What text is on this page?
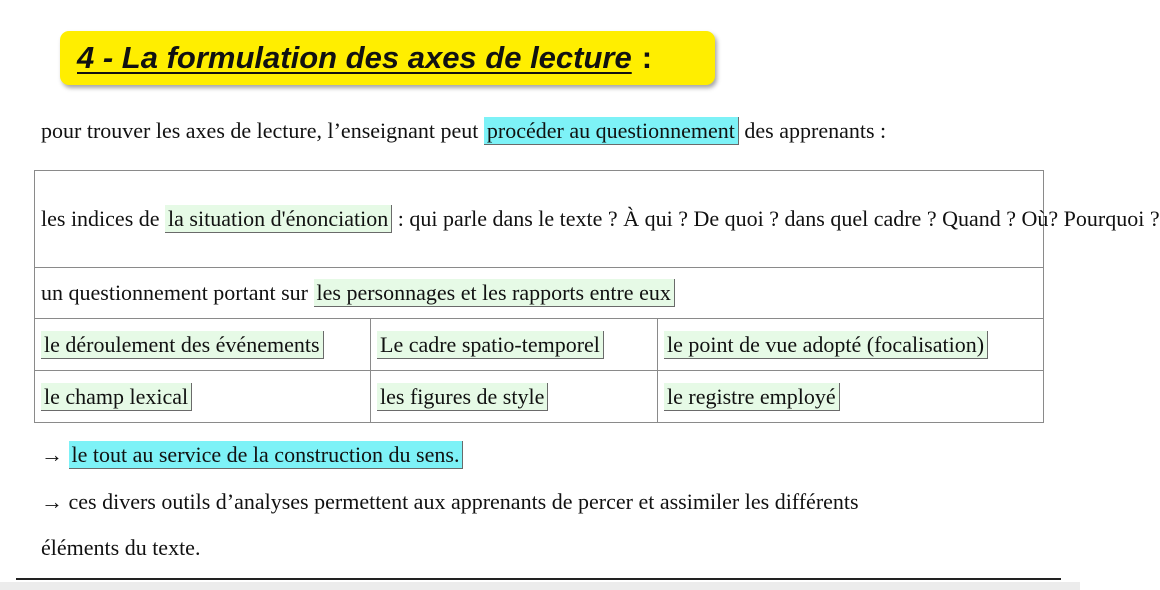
4 - La formulation des axes de lecture :
pour trouver les axes de lecture, l’enseignant peut procéder au questionnement des apprenants :
les indices de la situation d'énonciation : qui parle dans le texte ? À qui ? De quoi ? dans quel cadre ? Quand ? Où? Pourquoi ?		
un questionnement portant sur les personnages et les rapports entre eux		
le déroulement des événements	Le cadre spatio-temporel	le point de vue adopté (focalisation)
le champ lexical	les figures de style	le registre employé
→ le tout au service de la construction du sens.
→ ces divers outils d’analyses permettent aux apprenants de percer et assimiler les différents
éléments du texte.
